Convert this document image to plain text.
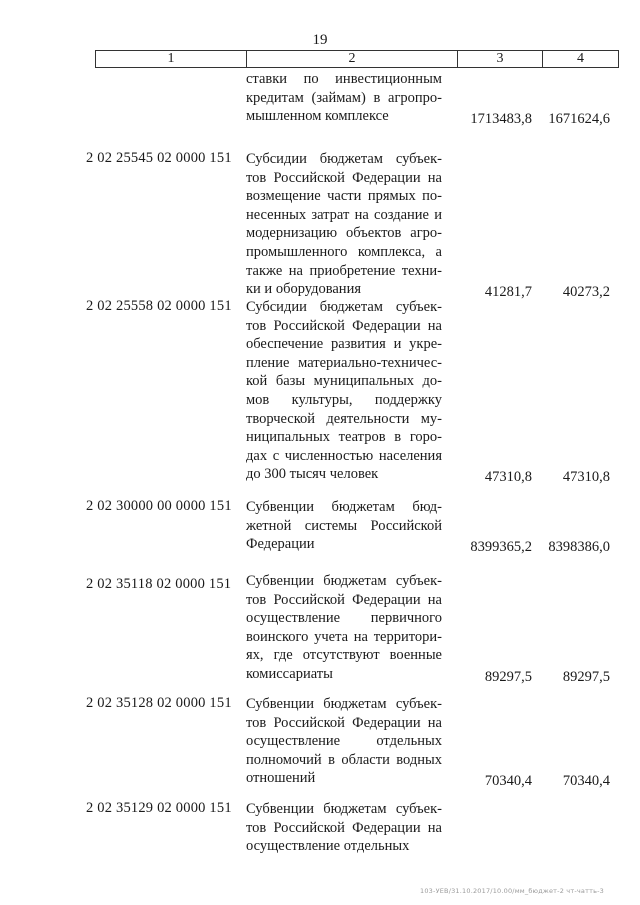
19
1	2	3	4
ставки по инвестиционным
кредитам (займам) в агропро-
мышленном комплексе	1713483,8 1671624,6
2 02 25545 02 0000 151 Субсидии бюджетам субъек-
тов Российской Федерации на
возмещение части прямых по-
несенных затрат на создание и
модернизацию объектов агро-
промышленного комплекса, а
также на приобретение техни-
ки и оборудования	41281,7 40273,2
2 02 25558 02 0000 151 Субсидии бюджетам субъек-
тов Российской Федерации на
обеспечение развития и укре-
пление материально-техничес-
кой базы муниципальных до-
мов культуры, поддержку
творческой деятельности му-
ниципальных театров в горо-
дах с численностью населения
до 300 тысяч человек	47310,8 47310,8
2 02 30000 00 0000 151 Субвенции бюджетам бюд-
жетной системы Российской
Федерации	8399365,2 8398386,0
2 02 35118 02 0000 151	Субвенции бюджетам субъек-
тов Российской Федерации на
осуществление первичного
воинского учета на территори-
ях, где отсутствуют военные
комиссариаты	89297,5 89297,5
2 02 35128 02 0000 151 Субвенции бюджетам субъек-
тов Российской Федерации на
осуществление отдельных
полномочий в области водных
отношений	70340,4 70340,4
2 02 35129 02 0000 151 Субвенции бюджетам субъек-
тов Российской Федерации на
осуществление отдельных
103-УЕВ/31.10.2017/10.00/мм_бюджет-2 чт-чатть-3
